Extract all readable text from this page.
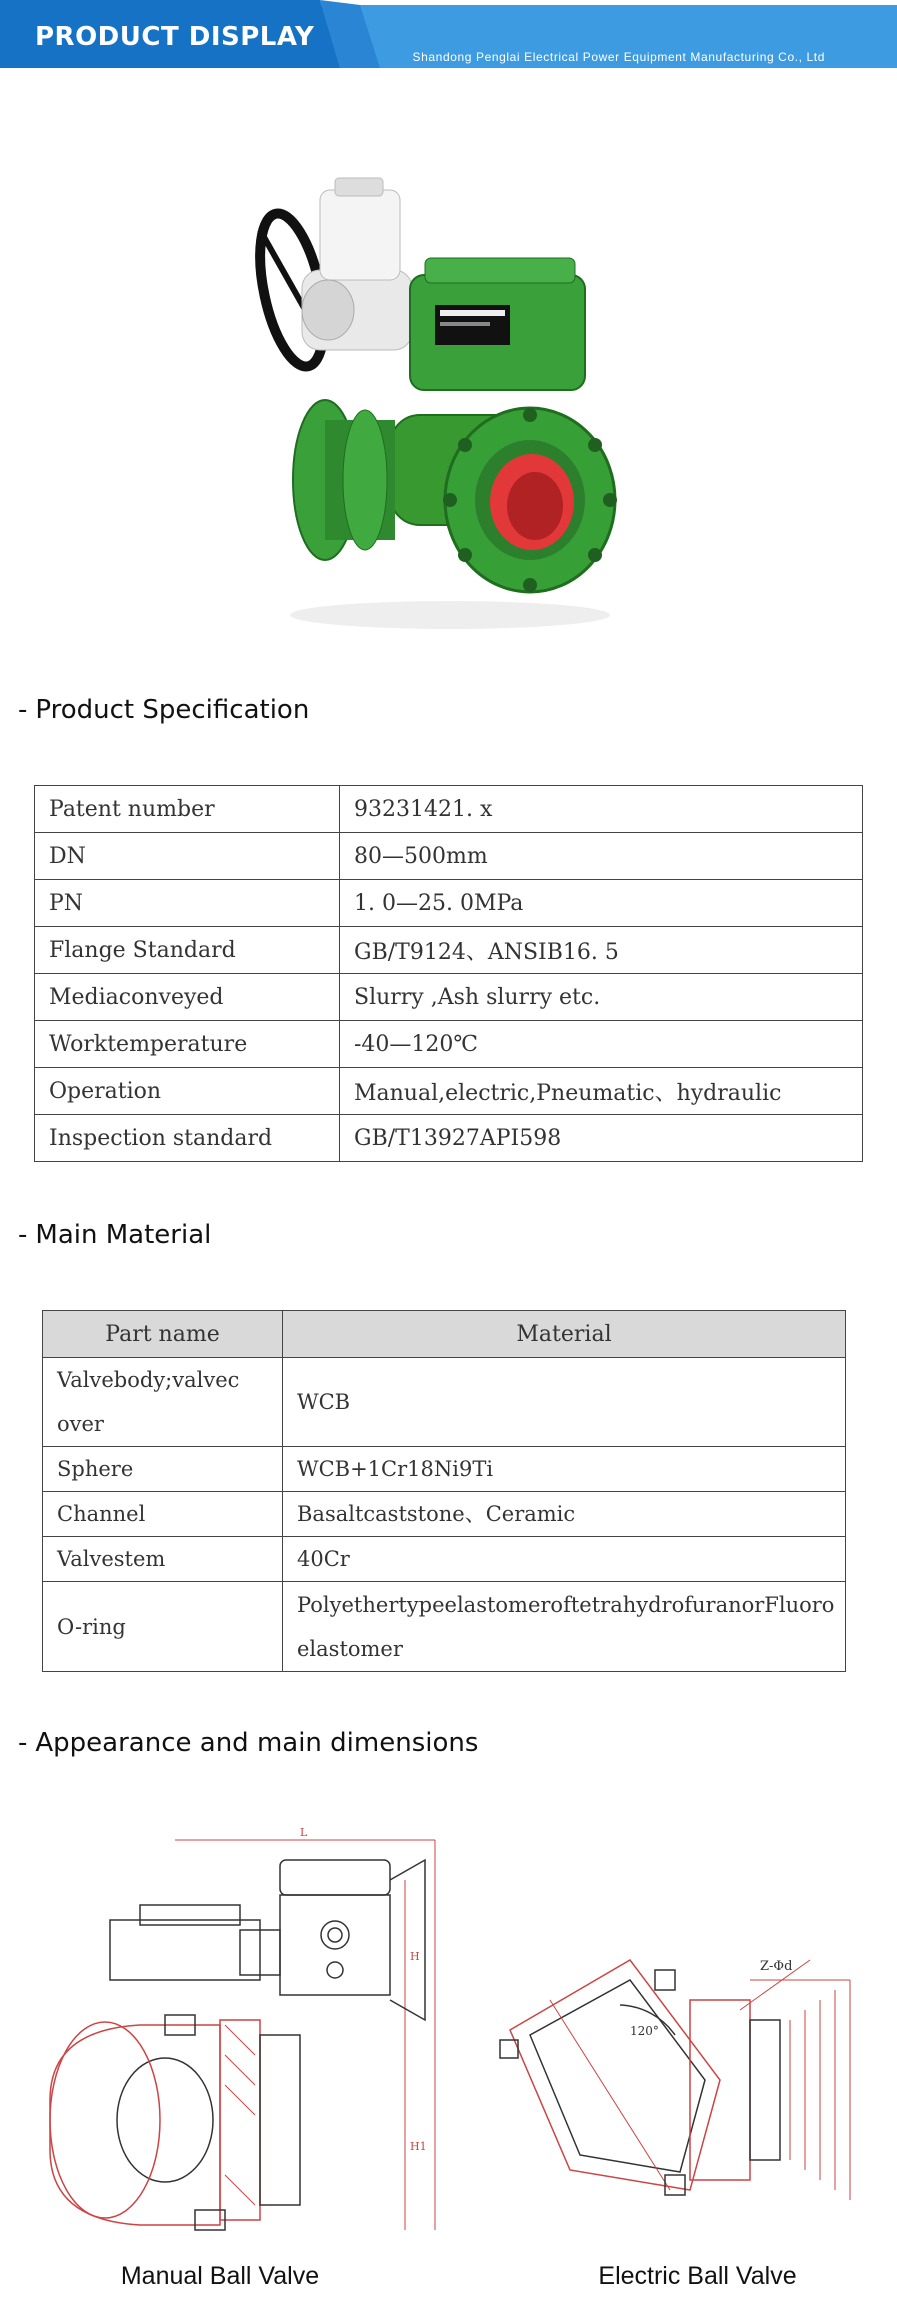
PRODUCT DISPLAY
Shandong Penglai Electrical Power Equipment Manufacturing Co., Ltd
- Product Specification
Patent number	93231421. x
DN	80—500mm
PN	1. 0—25. 0MPa
Flange Standard	GB/T9124、ANSIB16. 5
Mediaconveyed	Slurry ,Ash slurry etc.
Worktemperature	-40—120℃
Operation	Manual,electric,Pneumatic、hydraulic
Inspection standard	GB/T13927API598
- Main Material
Part name	Material
Valvebody;valvec over	WCB
Sphere	WCB+1Cr18Ni9Ti
Channel	Basaltcaststone、Ceramic
Valvestem	40Cr
O-ring	PolyethertypeelastomeroftetrahydrofuranorFluoroelastomer
- Appearance and main dimensions
L
H
H1
120°
Z-Φd
Manual Ball Valve	Electric Ball Valve
